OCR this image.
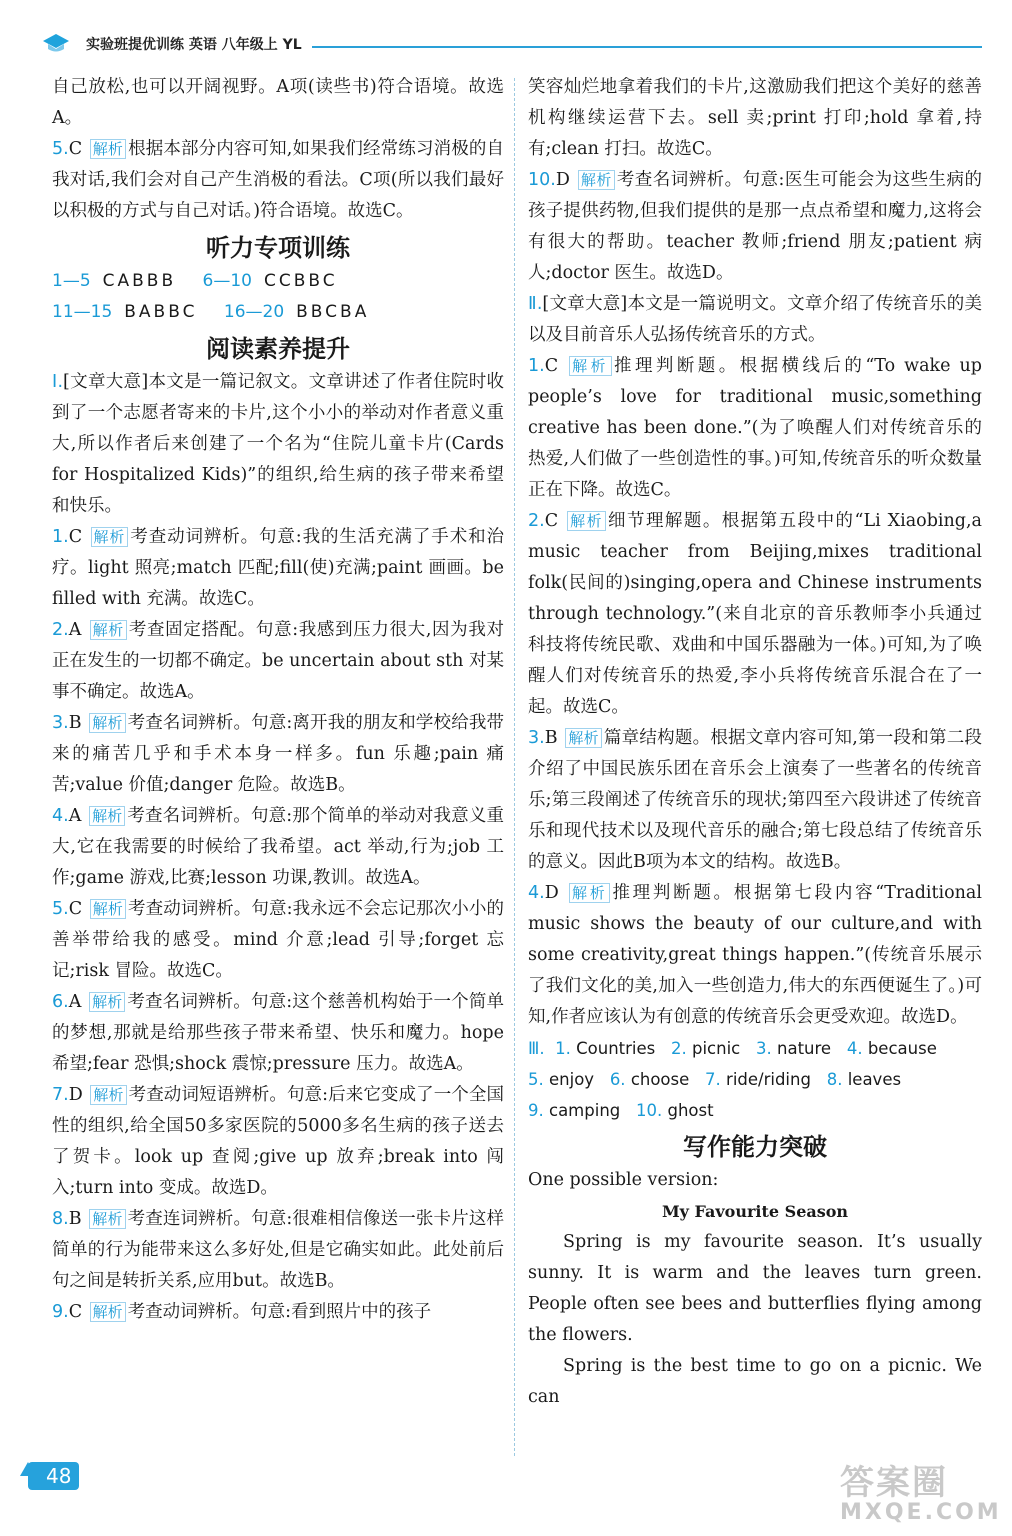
实验班提优训练 英语 八年级上 YL

自己放松,也可以开阔视野。A项(读些书)符合语境。故选A。

5.C 解析 根据本部分内容可知,如果我们经常练习消极的自我对话,我们会对自己产生消极的看法。C项(所以我们最好以积极的方式与自己对话。)符合语境。故选C。

听力专项训练
1—5 CABBB 6—10 CCBBC
11—15 BABBC 16—20 BBCBA
阅读素养提升

Ⅰ.[文章大意]本文是一篇记叙文。文章讲述了作者住院时收到了一个志愿者寄来的卡片,这个小小的举动对作者意义重大,所以作者后来创建了一个名为“住院儿童卡片(Cards for Hospitalized Kids)”的组织,给生病的孩子带来希望和快乐。

1.C 解析 考查动词辨析。句意:我的生活充满了手术和治疗。light 照亮;match 匹配;fill(使)充满;paint 画画。be filled with 充满。故选C。

2.A 解析 考查固定搭配。句意:我感到压力很大,因为我对正在发生的一切都不确定。be uncertain about sth 对某事不确定。故选A。

3.B 解析 考查名词辨析。句意:离开我的朋友和学校给我带来的痛苦几乎和手术本身一样多。fun 乐趣;pain 痛苦;value 价值;danger 危险。故选B。

4.A 解析 考查名词辨析。句意:那个简单的举动对我意义重大,它在我需要的时候给了我希望。act 举动,行为;job 工作;game 游戏,比赛;lesson 功课,教训。故选A。

5.C 解析 考查动词辨析。句意:我永远不会忘记那次小小的善举带给我的感受。mind 介意;lead 引导;forget 忘记;risk 冒险。故选C。

6.A 解析 考查名词辨析。句意:这个慈善机构始于一个简单的梦想,那就是给那些孩子带来希望、快乐和魔力。hope 希望;fear 恐惧;shock 震惊;pressure 压力。故选A。

7.D 解析 考查动词短语辨析。句意:后来它变成了一个全国性的组织,给全国50多家医院的5000多名生病的孩子送去了贺卡。look up 查阅;give up 放弃;break into 闯入;turn into 变成。故选D。

8.B 解析 考查连词辨析。句意:很难相信像送一张卡片这样简单的行为能带来这么多好处,但是它确实如此。此处前后句之间是转折关系,应用but。故选B。

9.C 解析 考查动词辨析。句意:看到照片中的孩子

笑容灿烂地拿着我们的卡片,这激励我们把这个美好的慈善机构继续运营下去。sell 卖;print 打印;hold 拿着,持有;clean 打扫。故选C。

10.D 解析 考查名词辨析。句意:医生可能会为这些生病的孩子提供药物,但我们提供的是那一点点希望和魔力,这将会有很大的帮助。teacher 教师;friend 朋友;patient 病人;doctor 医生。故选D。

Ⅱ.[文章大意]本文是一篇说明文。文章介绍了传统音乐的美以及目前音乐人弘扬传统音乐的方式。

1.C 解析 推理判断题。根据横线后的“To wake up people’s love for traditional music,something creative has been done.”(为了唤醒人们对传统音乐的热爱,人们做了一些创造性的事。)可知,传统音乐的听众数量正在下降。故选C。

2.C 解析 细节理解题。根据第五段中的“Li Xiaobing,a music teacher from Beijing,mixes traditional folk(民间的)singing,opera and Chinese instruments through technology.”(来自北京的音乐教师李小兵通过科技将传统民歌、戏曲和中国乐器融为一体。)可知,为了唤醒人们对传统音乐的热爱,李小兵将传统音乐混合在了一起。故选C。

3.B 解析 篇章结构题。根据文章内容可知,第一段和第二段介绍了中国民族乐团在音乐会上演奏了一些著名的传统音乐;第三段阐述了传统音乐的现状;第四至六段讲述了传统音乐和现代技术以及现代音乐的融合;第七段总结了传统音乐的意义。因此B项为本文的结构。故选B。

4.D 解析 推理判断题。根据第七段内容“Traditional music shows the beauty of our culture,and with some creativity,great things happen.”(传统音乐展示了我们文化的美,加入一些创造力,伟大的东西便诞生了。)可知,作者应该认为有创意的传统音乐会更受欢迎。故选D。

Ⅲ. 1. Countries 2. picnic 3. nature 4. because
5. enjoy 6. choose 7. ride/riding 8. leaves
9. camping 10. ghost

写作能力突破

One possible version:

My Favourite Season

Spring is my favourite season. It’s usually sunny. It is warm and the leaves turn green. People often see bees and butterflies flying among the flowers.

Spring is the best time to go on a picnic. We can

48	答案圈
MXQE.COM
